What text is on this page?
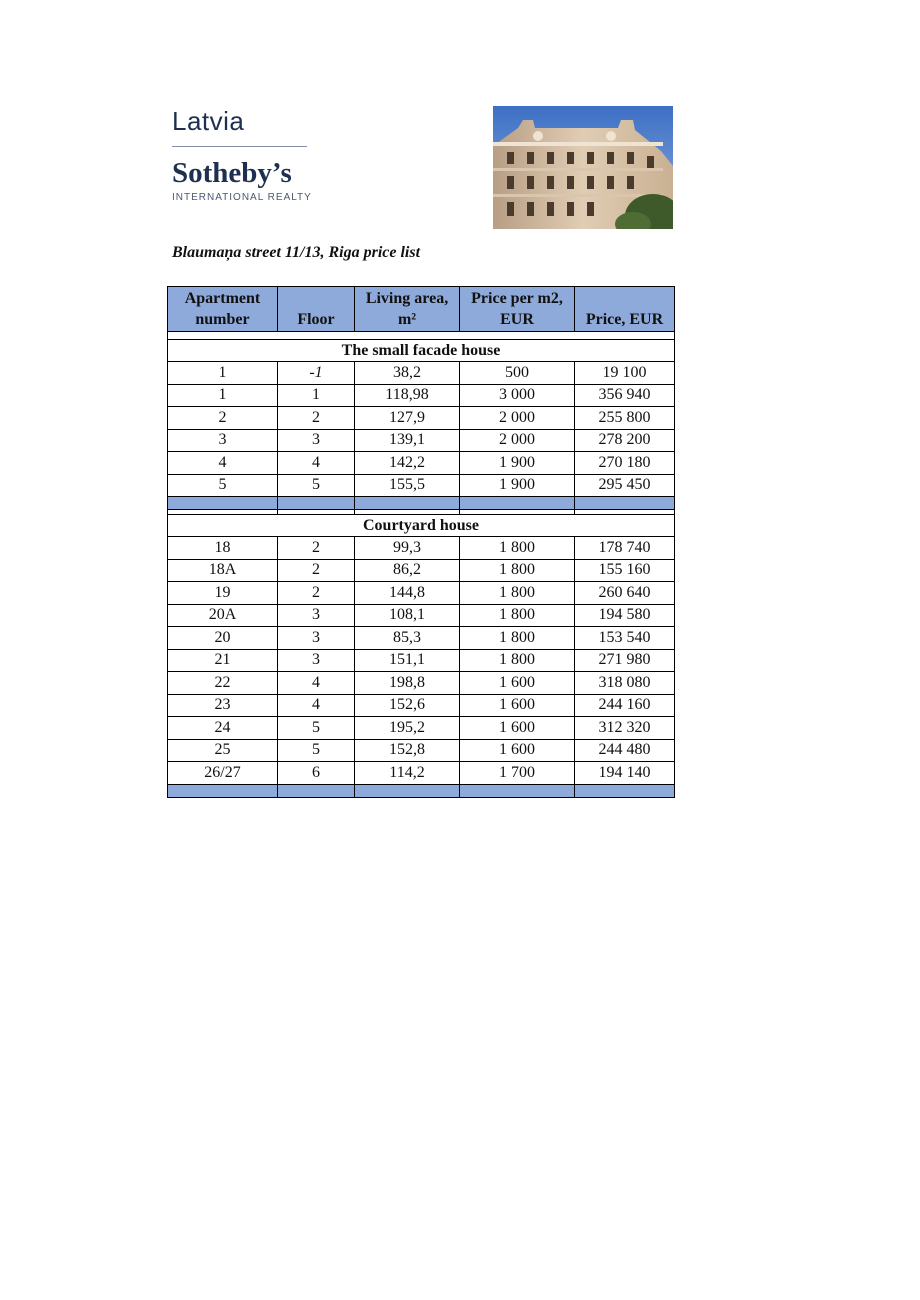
Latvia
Sotheby’s
INTERNATIONAL REALTY
Blaumaņa street 11/13, Riga price list
Apartment number	Floor	Living area, m²	Price per m2, EUR	Price, EUR

The small facade house				
1	-1	38,2	500	19 100
1	1	118,98	3 000	356 940
2	2	127,9	2 000	255 800
3	3	139,1	2 000	278 200
4	4	142,2	1 900	270 180
5	5	155,5	1 900	295 450

Courtyard house				
18	2	99,3	1 800	178 740
18A	2	86,2	1 800	155 160
19	2	144,8	1 800	260 640
20A	3	108,1	1 800	194 580
20	3	85,3	1 800	153 540
21	3	151,1	1 800	271 980
22	4	198,8	1 600	318 080
23	4	152,6	1 600	244 160
24	5	195,2	1 600	312 320
25	5	152,8	1 600	244 480
26/27	6	114,2	1 700	194 140
